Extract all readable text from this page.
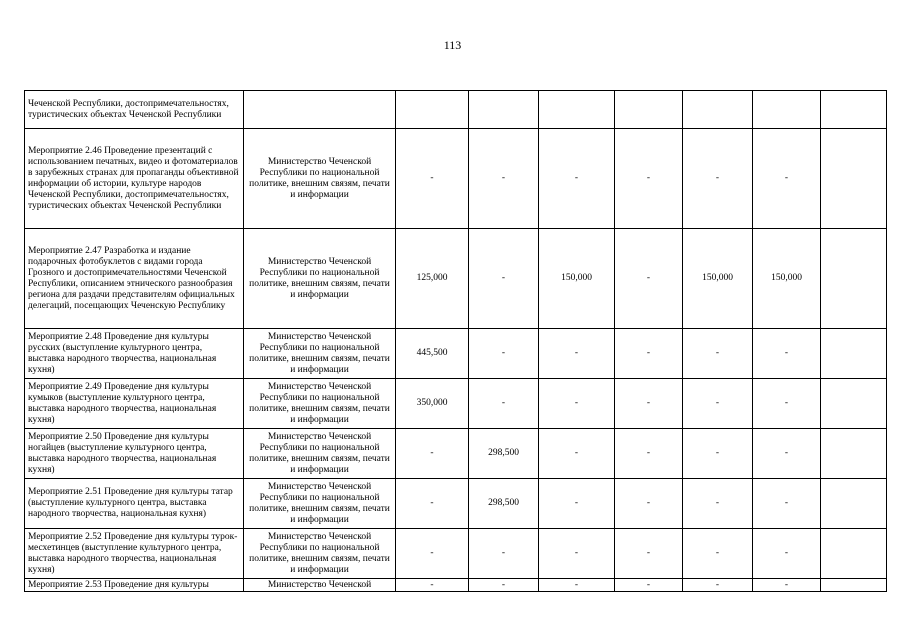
113
Чеченской Республики, достопримечательностях, туристических объектах Чеченской Республики								
Мероприятие 2.46 Проведение презентаций с использованием печатных, видео и фотоматериалов в зарубежных странах для пропаганды объективной информации об истории, культуре народов Чеченской Республики, достопримечательностях, туристических объектах Чеченской Республики	Министерство Чеченской Республики по национальной политике, внешним связям, печати и информации	-	-	-	-	-	-	
Мероприятие 2.47 Разработка и издание подарочных фотобуклетов с видами города Грозного и достопримечательностями Чеченской Республики, описанием этнического разнообразия региона для раздачи представителям официальных делегаций, посещающих Чеченскую Республику	Министерство Чеченской Республики по национальной политике, внешним связям, печати и информации	125,000	-	150,000	-	150,000	150,000	
Мероприятие 2.48 Проведение дня культуры русских (выступление культурного центра, выставка народного творчества, национальная кухня)	Министерство Чеченской Республики по национальной политике, внешним связям, печати и информации	445,500	-	-	-	-	-	
Мероприятие 2.49 Проведение дня культуры кумыков (выступление культурного центра, выставка народного творчества, национальная кухня)	Министерство Чеченской Республики по национальной политике, внешним связям, печати и информации	350,000	-	-	-	-	-	
Мероприятие 2.50 Проведение дня культуры ногайцев (выступление культурного центра, выставка народного творчества, национальная кухня)	Министерство Чеченской Республики по национальной политике, внешним связям, печати и информации	-	298,500	-	-	-	-	
Мероприятие 2.51 Проведение дня культуры татар (выступление культурного центра, выставка народного творчества, национальная кухня)	Министерство Чеченской Республики по национальной политике, внешним связям, печати и информации	-	298,500	-	-	-	-	
Мероприятие 2.52 Проведение дня культуры турок-месхетинцев (выступление культурного центра, выставка народного творчества, национальная кухня)	Министерство Чеченской Республики по национальной политике, внешним связям, печати и информации	-	-	-	-	-	-	
Мероприятие 2.53 Проведение дня культуры	Министерство Чеченской	-	-	-	-	-	-	
